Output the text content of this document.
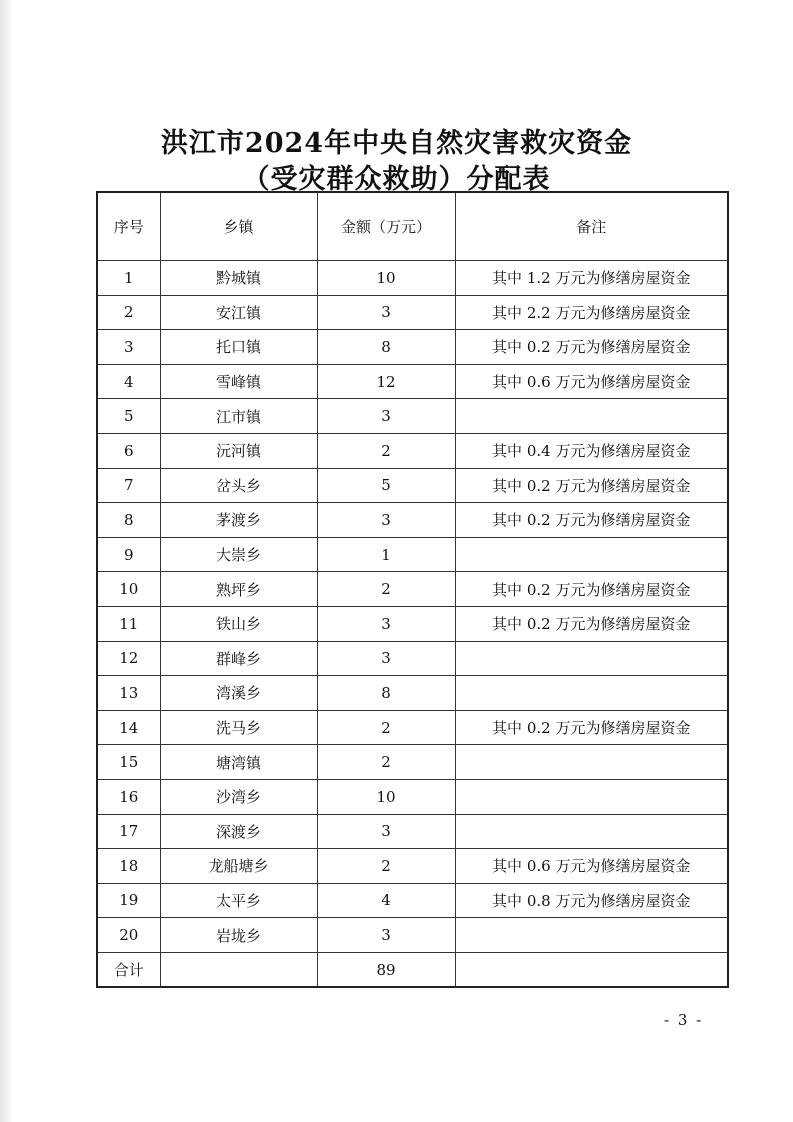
洪江市2024年中央自然灾害救灾资金
（受灾群众救助）分配表
序号	乡镇	金额（万元）	备注
1	黔城镇	10	其中 1.2 万元为修缮房屋资金
2	安江镇	3	其中 2.2 万元为修缮房屋资金
3	托口镇	8	其中 0.2 万元为修缮房屋资金
4	雪峰镇	12	其中 0.6 万元为修缮房屋资金
5	江市镇	3	
6	沅河镇	2	其中 0.4 万元为修缮房屋资金
7	岔头乡	5	其中 0.2 万元为修缮房屋资金
8	茅渡乡	3	其中 0.2 万元为修缮房屋资金
9	大崇乡	1	
10	熟坪乡	2	其中 0.2 万元为修缮房屋资金
11	铁山乡	3	其中 0.2 万元为修缮房屋资金
12	群峰乡	3	
13	湾溪乡	8	
14	洗马乡	2	其中 0.2 万元为修缮房屋资金
15	塘湾镇	2	
16	沙湾乡	10	
17	深渡乡	3	
18	龙船塘乡	2	其中 0.6 万元为修缮房屋资金
19	太平乡	4	其中 0.8 万元为修缮房屋资金
20	岩垅乡	3	
合计		89	
- 3 -
